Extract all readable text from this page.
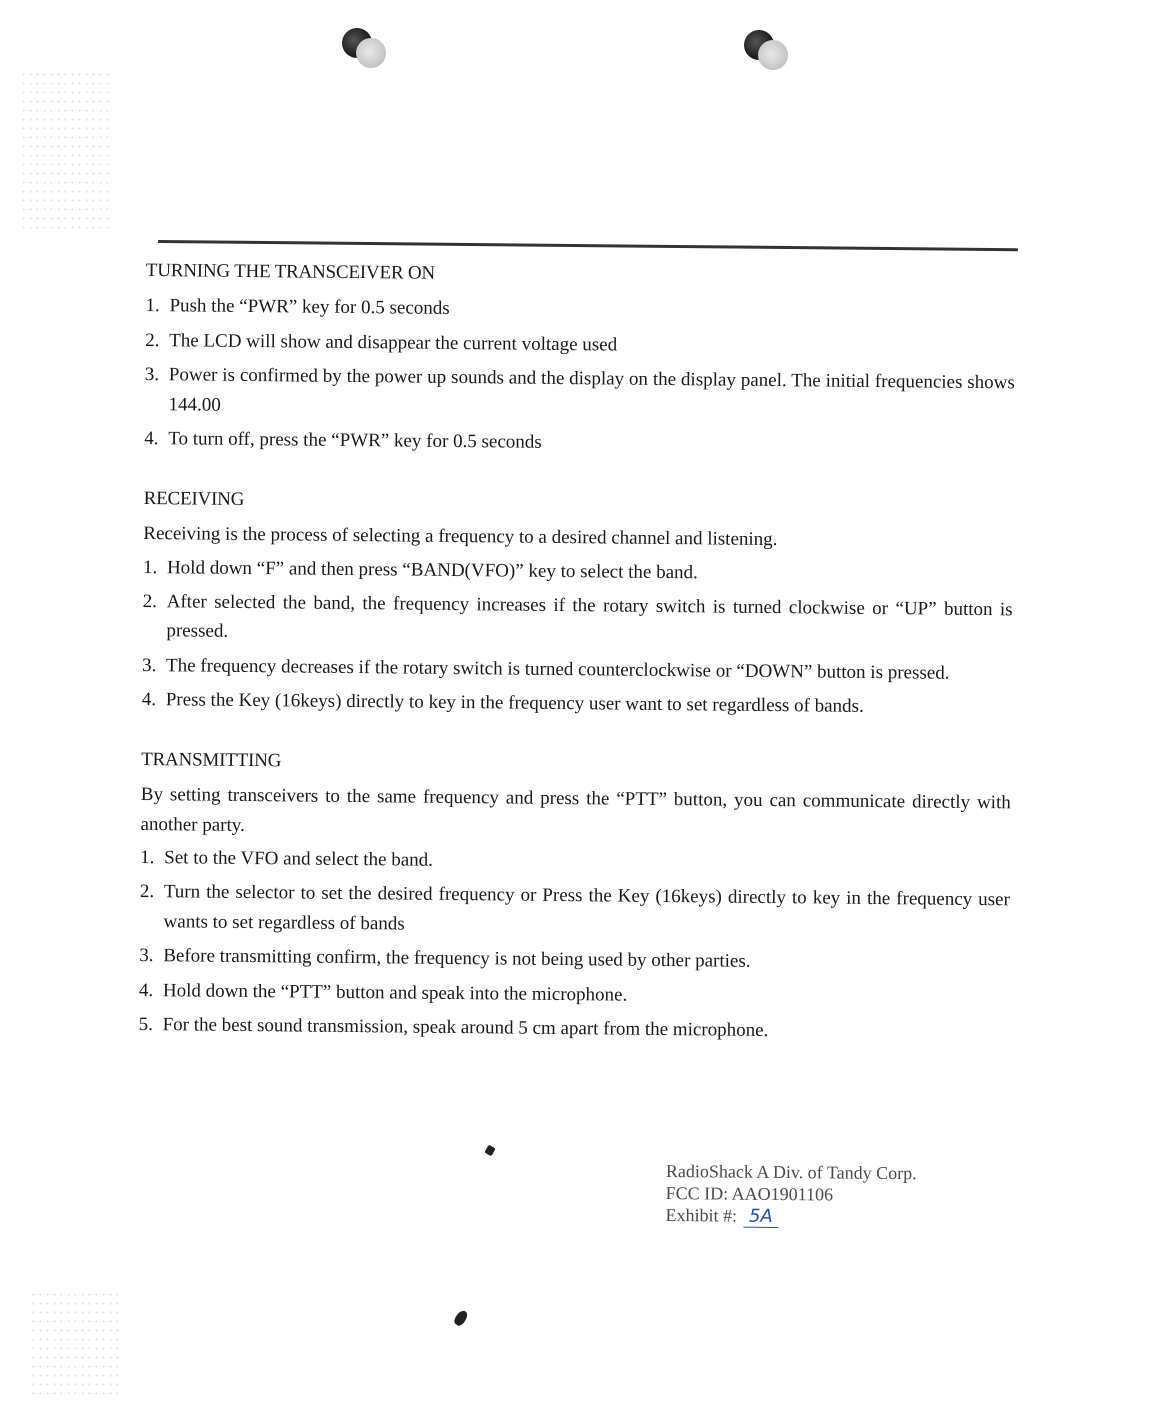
TURNING THE TRANSCEIVER ON
1. Push the “PWR” key for 0.5 seconds
2. The LCD will show and disappear the current voltage used
3. Power is confirmed by the power up sounds and the display on the display panel. The initial frequencies shows 144.00
4. To turn off, press the “PWR” key for 0.5 seconds
RECEIVING

Receiving is the process of selecting a frequency to a desired channel and listening.

1. Hold down “F” and then press “BAND(VFO)” key to select the band.
2. After selected the band, the frequency increases if the rotary switch is turned clockwise or “UP” button is pressed.
3. The frequency decreases if the rotary switch is turned counterclockwise or “DOWN” button is pressed.
4. Press the Key (16keys) directly to key in the frequency user want to set regardless of bands.
TRANSMITTING

By setting transceivers to the same frequency and press the “PTT” button, you can communicate directly with another party.

1. Set to the VFO and select the band.
2. Turn the selector to set the desired frequency or Press the Key (16keys) directly to key in the frequency user wants to set regardless of bands
3. Before transmitting confirm, the frequency is not being used by other parties.
4. Hold down the “PTT” button and speak into the microphone.
5. For the best sound transmission, speak around 5 cm apart from the microphone.
RadioShack A Div. of Tandy Corp.
FCC ID: AAO1901106
Exhibit #: 5A
